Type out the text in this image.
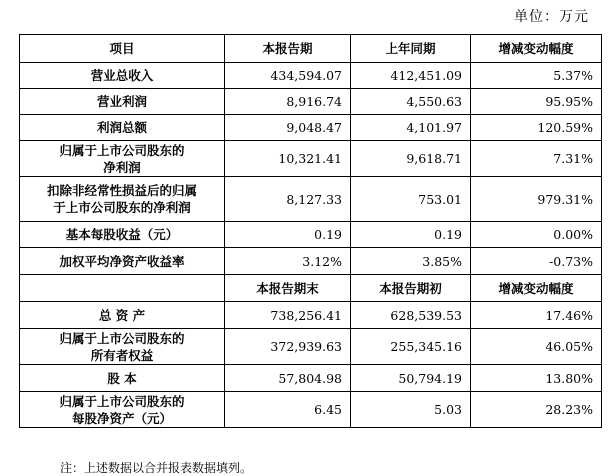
单位：万元
项目	本报告期	上年同期	增减变动幅度
营业总收入	434,594.07	412,451.09	5.37%
营业利润	8,916.74	4,550.63	95.95%
利润总额	9,048.47	4,101.97	120.59%
归属于上市公司股东的
净利润	10,321.41	9,618.71	7.31%
扣除非经常性损益后的归属
于上市公司股东的净利润	8,127.33	753.01	979.31%
基本每股收益（元）	0.19	0.19	0.00%
加权平均净资产收益率	3.12%	3.85%	-0.73%
	本报告期末	本报告期初	增减变动幅度
总 资 产	738,256.41	628,539.53	17.46%
归属于上市公司股东的
所有者权益	372,939.63	255,345.16	46.05%
股 本	57,804.98	50,794.19	13.80%
归属于上市公司股东的
每股净资产（元）	6.45	5.03	28.23%
注：上述数据以合并报表数据填列。
